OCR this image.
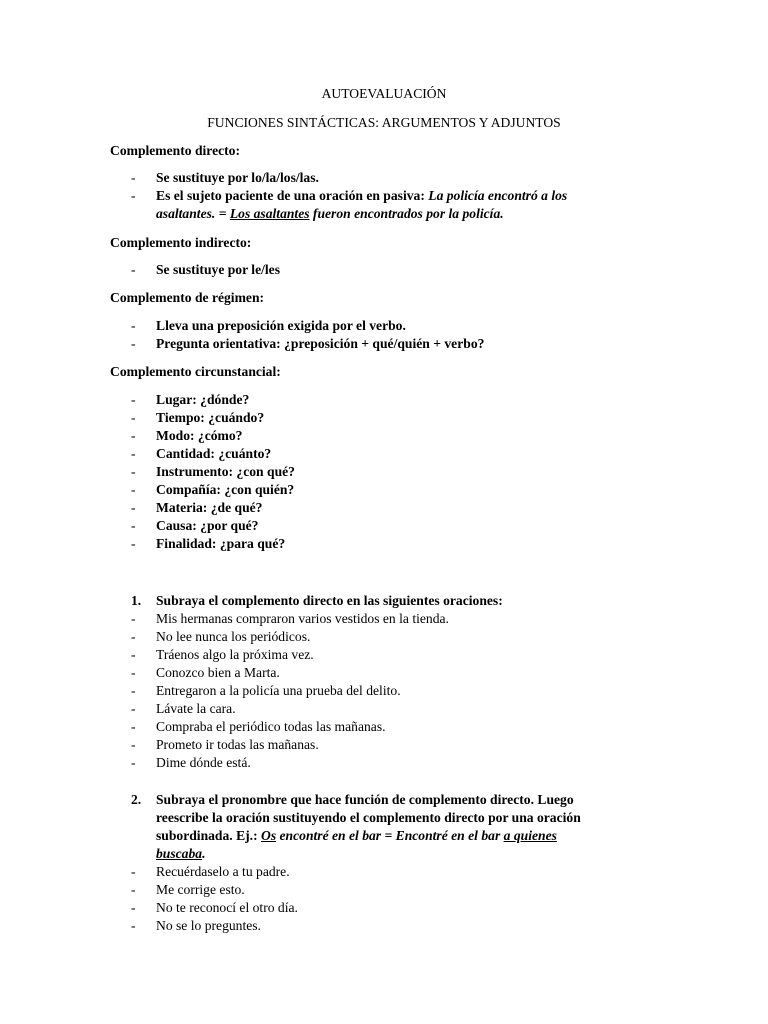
AUTOEVALUACIÓN
FUNCIONES SINTÁCTICAS: ARGUMENTOS Y ADJUNTOS
Complemento directo:
- Se sustituye por lo/la/los/las.
- Es el sujeto paciente de una oración en pasiva: La policía encontró a los
asaltantes. = Los asaltantes fueron encontrados por la policía.
Complemento indirecto:
- Se sustituye por le/les
Complemento de régimen:
- Lleva una preposición exigida por el verbo.
- Pregunta orientativa: ¿preposición + qué/quién + verbo?
Complemento circunstancial:
- Lugar: ¿dónde?
- Tiempo: ¿cuándo?
- Modo: ¿cómo?
- Cantidad: ¿cuánto?
- Instrumento: ¿con qué?
- Compañía: ¿con quién?
- Materia: ¿de qué?
- Causa: ¿por qué?
- Finalidad: ¿para qué?
1. Subraya el complemento directo en las siguientes oraciones:
- Mis hermanas compraron varios vestidos en la tienda.
- No lee nunca los periódicos.
- Tráenos algo la próxima vez.
- Conozco bien a Marta.
- Entregaron a la policía una prueba del delito.
- Lávate la cara.
- Compraba el periódico todas las mañanas.
- Prometo ir todas las mañanas.
- Dime dónde está.
2. Subraya el pronombre que hace función de complemento directo. Luego
reescribe la oración sustituyendo el complemento directo por una oración
subordinada. Ej.: Os encontré en el bar = Encontré en el bar a quienes
buscaba.
- Recuérdaselo a tu padre.
- Me corrige esto.
- No te reconocí el otro día.
- No se lo preguntes.
